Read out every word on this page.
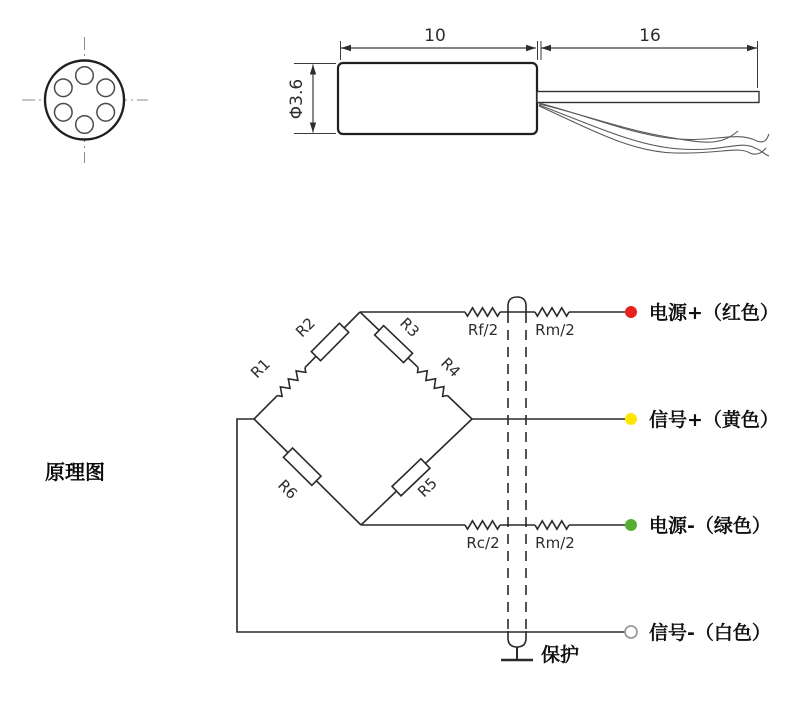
10	16
Φ3.6
原理图
R1
R2	R3
R4
R5
R6
Rf/2 Rm/2
Rc/2 Rm/2
保护
电源+（红色）
信号+（黄色）
电源-（绿色）
信号-（白色）
